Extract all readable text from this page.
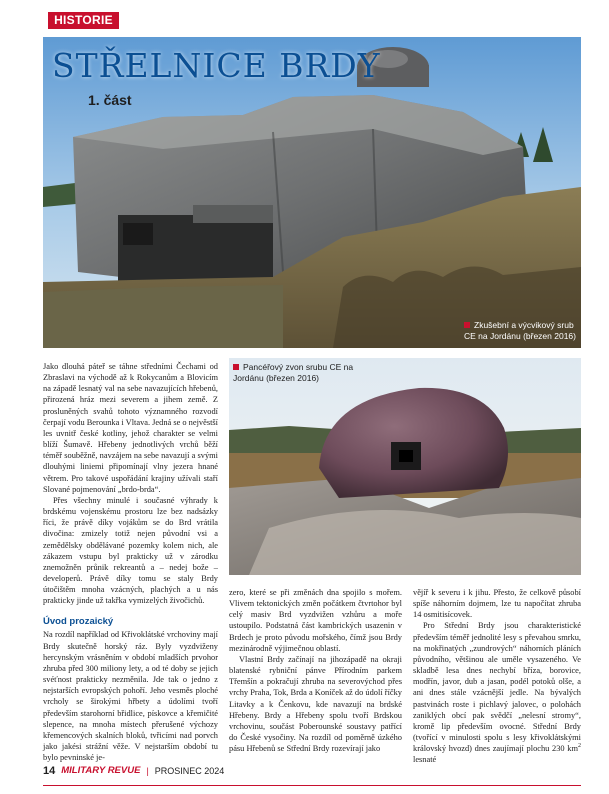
HISTORIE
STŘELNICE BRDY
1. část
Zkušební a výcvikový srub CE na Jordánu (březen 2016)
Pancéřový zvon srubu CE na Jordánu (březen 2016)

Jako dlouhá páteř se táhne středními Čechami od Zbraslavi na východě až k Rokycanům a Blovicím na západě lesnatý val na sebe navazujících hřebenů, přirozená hráz mezi severem a jihem země. Z prosluněných svahů tohoto významného rozvodí čerpají vodu Berounka i Vltava. Jedná se o nejvěstší les uvnitř české kotliny, jehož charakter se velmi blíží Šumavě. Hřebeny jednotlivých vrchů běží téměř souběžně, navzájem na sebe navazují a svými dlouhými liniemi připomínají vlny jezera hnané větrem. Pro takové uspořádání krajiny užívali staří Slované pojmenování „brdo-brda“.

Přes všechny minulé i současné výhrady k brdskému vojenskému prostoru lze bez nadsázky říci, že právě díky vojákům se do Brd vrátila divočina: zmizely totiž nejen původní vsi a zemědělsky obdělávané pozemky kolem nich, ale zákazem vstupu byl prakticky už v zárodku znemožněn průnik rekreantů a – nedej bože – developerů. Právě díky tomu se staly Brdy útočištěm mnoha vzácných, plachých a u nás prakticky jinde už takřka vymizelých živočichů.

Úvod prozaický

Na rozdíl například od Křivoklátské vrchoviny mají Brdy skutečně horský ráz. Byly vyzdviženy hercynským vrásněním v období mladších prvohor zhruba před 300 miliony lety, a od té doby se jejich svéťnost prakticky nezměnila. Jde tak o jedno z nejstarších evropských pohoří. Jeho vesměs ploché vrcholy se širokými hřbety a údolími tvoří především starohorní břidlice, pískovce a křemičité slepence, na mnoha místech přerušené výchozy křemencových skalních bloků, tvřicími nad porvch jako jakési strážní věže. V nejstarším období tu bylo pevninské je-

zero, které se při změnách dna spojilo s mořem. Vlivem tektonických změn počátkem čtvrtohor byl celý masiv Brd vyzdvižen vzhůru a moře ustoupilo. Podstatná část kambrických usazenin v Brdech je proto původu mořského, čímž jsou Brdy mezinárodně výjimečnou oblastí.

Vlastní Brdy začínají na jihozápadě na okraji blatenské rybniční pánve Přírodním parkem Třemšín a pokračují zhruba na severovýchod přes vrchy Praha, Tok, Brda a Koníček až do údolí říčky Litavky a k Čenkovu, kde navazují na brdské Hřebeny. Brdy a Hřebeny spolu tvoří Brdskou vrchovinu, součást Poberounské soustavy patřící do České vysočiny. Na rozdíl od poměrně úzkého pásu Hřebenů se Střední Brdy rozevírají jako

vějíř k severu i k jihu. Přesto, že celkově působí spíše náhorním dojmem, lze tu napočítat zhruba 14 osmitisícovek.

Pro Střední Brdy jsou charakteristické především téměř jednolité lesy s převahou smrku, na mokřinatých „zundrových“ náhorních pláních původního, většinou ale uměle vysazeného. Ve skladbě lesa dnes nechybí bříza, borovice, modřín, javor, dub a jasan, podél potoků olše, a ani dnes stále vzácnější jedle. Na bývalých pastvinách roste i pichlavý jalovec, o polohách zaniklých obcí pak svědčí „nelesní stromy“, kromě lip především ovocné. Střední Brdy (tvořící v minulosti spolu s lesy křivoklátskými královský hvozd) dnes zaujímají plochu 230 $km^2$ lesnaté

14 MILITARY REVUE | PROSINEC 2024
